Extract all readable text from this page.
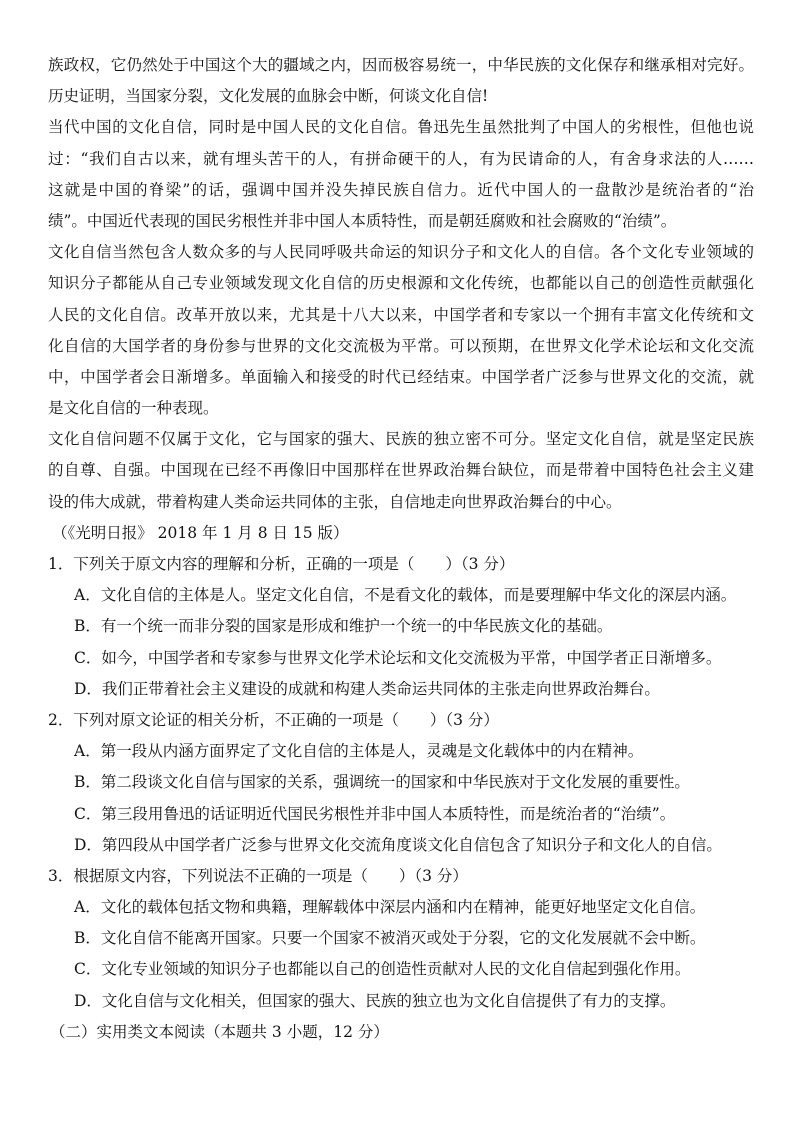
族政权，它仍然处于中国这个大的疆域之内，因而极容易统一，中华民族的文化保存和继承相对完好。
历史证明，当国家分裂，文化发展的血脉会中断，何谈文化自信!
当代中国的文化自信，同时是中国人民的文化自信。鲁迅先生虽然批判了中国人的劣根性，但他也说
过：“我们自古以来，就有埋头苦干的人，有拼命硬干的人，有为民请命的人，有舍身求法的人……
这就是中国的脊梁”的话，强调中国并没失掉民族自信力。近代中国人的一盘散沙是统治者的“治
绩”。中国近代表现的国民劣根性并非中国人本质特性，而是朝廷腐败和社会腐败的“治绩”。
文化自信当然包含人数众多的与人民同呼吸共命运的知识分子和文化人的自信。各个文化专业领域的
知识分子都能从自己专业领域发现文化自信的历史根源和文化传统，也都能以自己的创造性贡献强化
人民的文化自信。改革开放以来，尤其是十八大以来，中国学者和专家以一个拥有丰富文化传统和文
化自信的大国学者的身份参与世界的文化交流极为平常。可以预期，在世界文化学术论坛和文化交流
中，中国学者会日渐增多。单面输入和接受的时代已经结束。中国学者广泛参与世界文化的交流，就
是文化自信的一种表现。
文化自信问题不仅属于文化，它与国家的强大、民族的独立密不可分。坚定文化自信，就是坚定民族
的自尊、自强。中国现在已经不再像旧中国那样在世界政治舞台缺位，而是带着中国特色社会主义建
设的伟大成就，带着构建人类命运共同体的主张，自信地走向世界政治舞台的中心。
（《光明日报》 2018 年 1 月 8 日 15 版）
1．下列关于原文内容的理解和分析，正确的一项是（　　）（3 分）
A．文化自信的主体是人。坚定文化自信，不是看文化的载体，而是要理解中华文化的深层内涵。
B．有一个统一而非分裂的国家是形成和维护一个统一的中华民族文化的基础。
C．如今，中国学者和专家参与世界文化学术论坛和文化交流极为平常，中国学者正日渐增多。
D．我们正带着社会主义建设的成就和构建人类命运共同体的主张走向世界政治舞台。
2．下列对原文论证的相关分析，不正确的一项是（　　）（3 分）
A．第一段从内涵方面界定了文化自信的主体是人，灵魂是文化载体中的内在精神。
B．第二段谈文化自信与国家的关系，强调统一的国家和中华民族对于文化发展的重要性。
C．第三段用鲁迅的话证明近代国民劣根性并非中国人本质特性，而是统治者的“治绩”。
D．第四段从中国学者广泛参与世界文化交流角度谈文化自信包含了知识分子和文化人的自信。
3．根据原文内容，下列说法不正确的一项是（　　）（3 分）
A．文化的载体包括文物和典籍，理解载体中深层内涵和内在精神，能更好地坚定文化自信。
B．文化自信不能离开国家。只要一个国家不被消灭或处于分裂，它的文化发展就不会中断。
C．文化专业领域的知识分子也都能以自己的创造性贡献对人民的文化自信起到强化作用。
D．文化自信与文化相关，但国家的强大、民族的独立也为文化自信提供了有力的支撑。
（二）实用类文本阅读（本题共 3 小题，12 分）
